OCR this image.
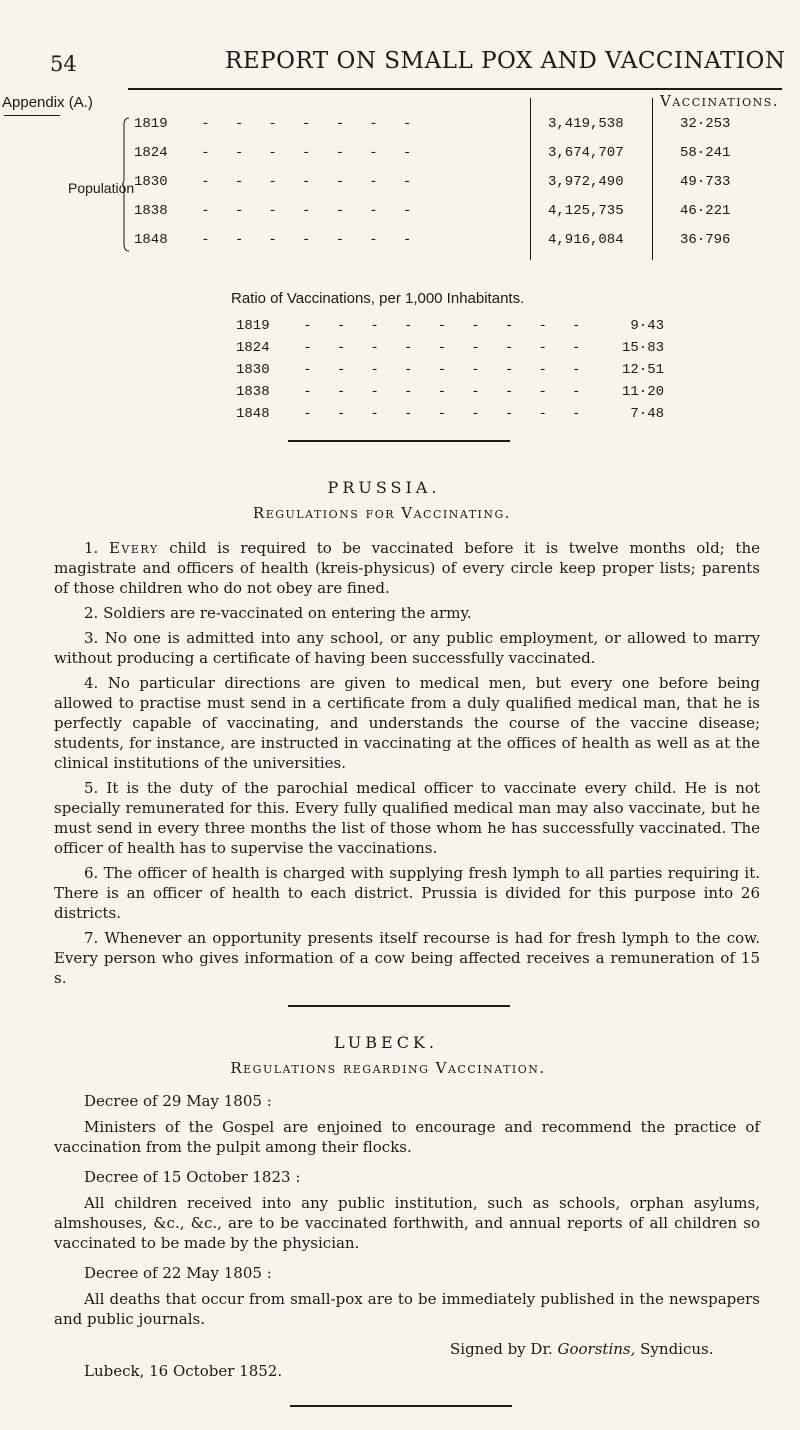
54	REPORT ON SMALL POX AND VACCINATION
Appendix (A.)
Population
Vaccinations.
1819    -   -   -   -   -   -   -	3,419,538	32·253
1824    -   -   -   -   -   -   -	3,674,707	58·241
1830    -   -   -   -   -   -   -	3,972,490	49·733
1838    -   -   -   -   -   -   -	4,125,735	46·221
1848    -   -   -   -   -   -   -	4,916,084	36·796
Ratio of Vaccinations, per 1,000 Inhabitants.
1819    -   -   -   -   -   -   -   -   -	9·43
1824    -   -   -   -   -   -   -   -   -	15·83
1830    -   -   -   -   -   -   -   -   -	12·51
1838    -   -   -   -   -   -   -   -   -	11·20
1848    -   -   -   -   -   -   -   -   -	7·48
PRUSSIA.
Regulations for Vaccinating.
1. Every child is required to be vaccinated before it is twelve months old; the magistrate and officers of health (kreis-physicus) of every circle keep proper lists; parents of those children who do not obey are fined.
2. Soldiers are re-vaccinated on entering the army.
3. No one is admitted into any school, or any public employment, or allowed to marry without producing a certificate of having been successfully vaccinated.
4. No particular directions are given to medical men, but every one before being allowed to practise must send in a certificate from a duly qualified medical man, that he is perfectly capable of vaccinating, and understands the course of the vaccine disease; students, for instance, are instructed in vaccinating at the offices of health as well as at the clinical institutions of the universities.
5. It is the duty of the parochial medical officer to vaccinate every child. He is not specially remunerated for this. Every fully qualified medical man may also vaccinate, but he must send in every three months the list of those whom he has successfully vaccinated. The officer of health has to supervise the vaccinations.
6. The officer of health is charged with supplying fresh lymph to all parties requiring it. There is an officer of health to each district. Prussia is divided for this purpose into 26 districts.
7. Whenever an opportunity presents itself recourse is had for fresh lymph to the cow. Every person who gives information of a cow being affected receives a remuneration of 15 s.
LUBECK.
Regulations regarding Vaccination.
Decree of 29 May 1805 :
Ministers of the Gospel are enjoined to encourage and recommend the practice of vaccination from the pulpit among their flocks.
Decree of 15 October 1823 :
All children received into any public institution, such as schools, orphan asylums, almshouses, &c., &c., are to be vaccinated forthwith, and annual reports of all children so vaccinated to be made by the physician.
Decree of 22 May 1805 :
All deaths that occur from small-pox are to be immediately published in the newspapers and public journals.
Signed by Dr. Goorstins, Syndicus.
Lubeck, 16 October 1852.
